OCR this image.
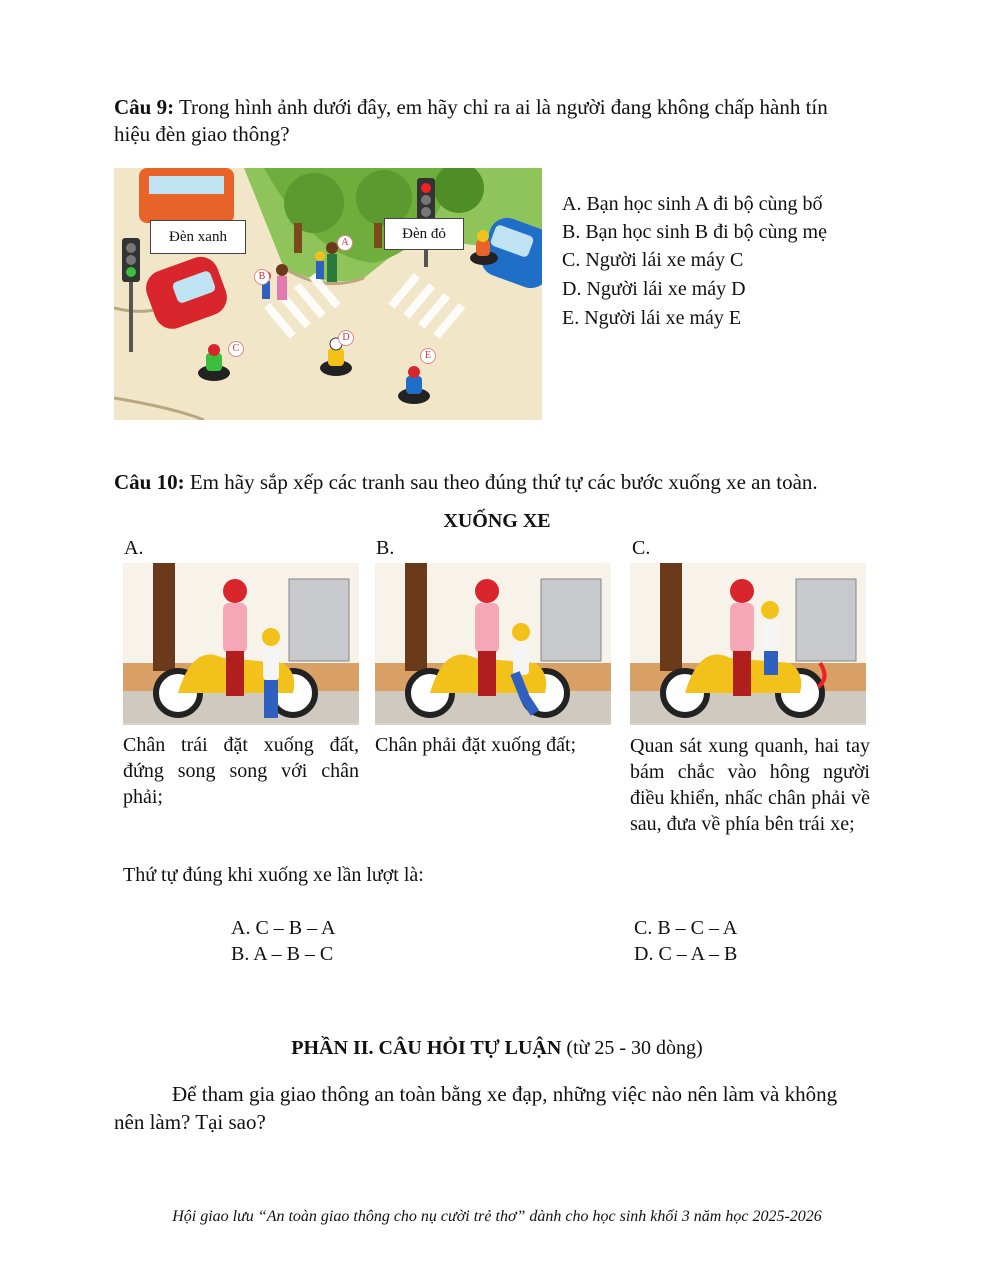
Câu 9: Trong hình ảnh dưới đây, em hãy chỉ ra ai là người đang không chấp hành tín
hiệu đèn giao thông?
Đèn xanh	Đèn đỏ
A
B
C
D
E
A. Bạn học sinh A đi bộ cùng bố
B. Bạn học sinh B đi bộ cùng mẹ
C. Người lái xe máy C
D. Người lái xe máy D
E. Người lái xe máy E
Câu 10: Em hãy sắp xếp các tranh sau theo đúng thứ tự các bước xuống xe an toàn.
XUỐNG XE
A.	B.	C.
Chân trái đặt xuống đất, đứng song song với chân phải;
Chân phải đặt xuống đất;	Quan sát xung quanh, hai tay bám chắc vào hông người điều khiển, nhấc chân phải về sau, đưa về phía bên trái xe;
Thứ tự đúng khi xuống xe lần lượt là:
A. C – B – A	C. B – C – A
B. A – B – C	D. C – A – B
PHẦN II. CÂU HỎI TỰ LUẬN (từ 25 - 30 dòng)
Để tham gia giao thông an toàn bằng xe đạp, những việc nào nên làm và không
nên làm? Tại sao?
Hội giao lưu “An toàn giao thông cho nụ cười trẻ thơ” dành cho học sinh khối 3 năm học 2025-2026
